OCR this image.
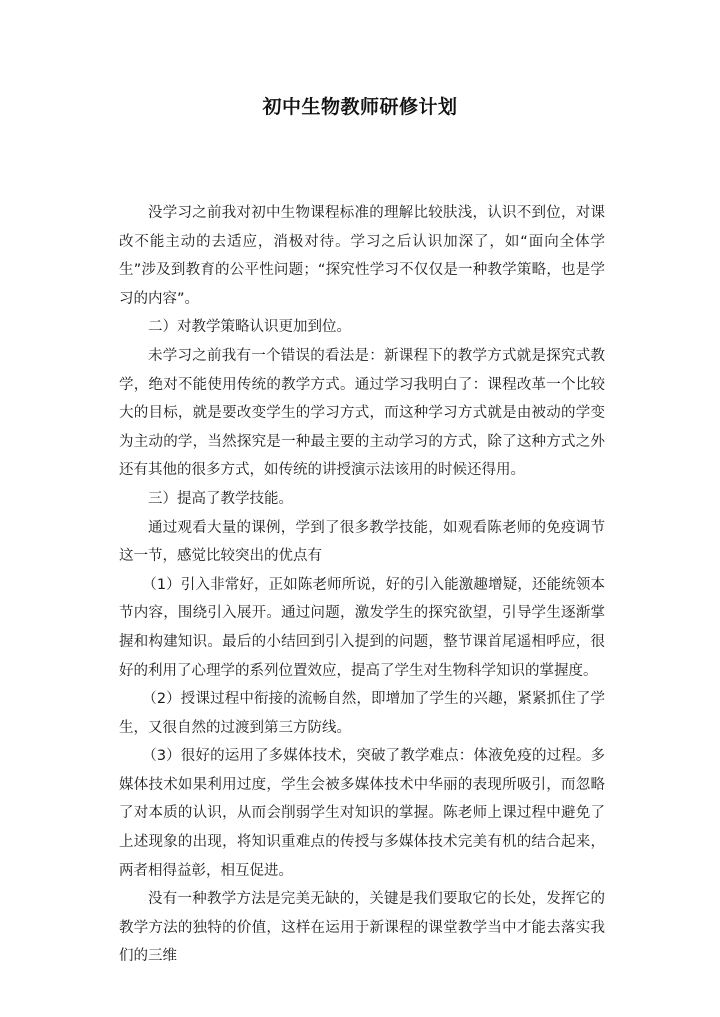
初中生物教师研修计划

没学习之前我对初中生物课程标准的理解比较肤浅，认识不到位，对课改不能主动的去适应，消极对待。学习之后认识加深了，如“面向全体学生”涉及到教育的公平性问题；“探究性学习不仅仅是一种教学策略，也是学习的内容”。

二）对教学策略认识更加到位。

未学习之前我有一个错误的看法是：新课程下的教学方式就是探究式教学，绝对不能使用传统的教学方式。通过学习我明白了：课程改革一个比较大的目标，就是要改变学生的学习方式，而这种学习方式就是由被动的学变为主动的学，当然探究是一种最主要的主动学习的方式，除了这种方式之外还有其他的很多方式，如传统的讲授演示法该用的时候还得用。

三）提高了教学技能。

通过观看大量的课例，学到了很多教学技能，如观看陈老师的免疫调节这一节，感觉比较突出的优点有

（1）引入非常好，正如陈老师所说，好的引入能激趣增疑，还能统领本节内容，围绕引入展开。通过问题，激发学生的探究欲望，引导学生逐渐掌握和构建知识。最后的小结回到引入提到的问题，整节课首尾遥相呼应，很好的利用了心理学的系列位置效应，提高了学生对生物科学知识的掌握度。

（2）授课过程中衔接的流畅自然，即增加了学生的兴趣，紧紧抓住了学生，又很自然的过渡到第三方防线。

（3）很好的运用了多媒体技术，突破了教学难点：体液免疫的过程。多媒体技术如果利用过度，学生会被多媒体技术中华丽的表现所吸引，而忽略了对本质的认识，从而会削弱学生对知识的掌握。陈老师上课过程中避免了上述现象的出现，将知识重难点的传授与多媒体技术完美有机的结合起来，两者相得益彰，相互促进。

没有一种教学方法是完美无缺的，关键是我们要取它的长处，发挥它的教学方法的独特的价值，这样在运用于新课程的课堂教学当中才能去落实我们的三维
